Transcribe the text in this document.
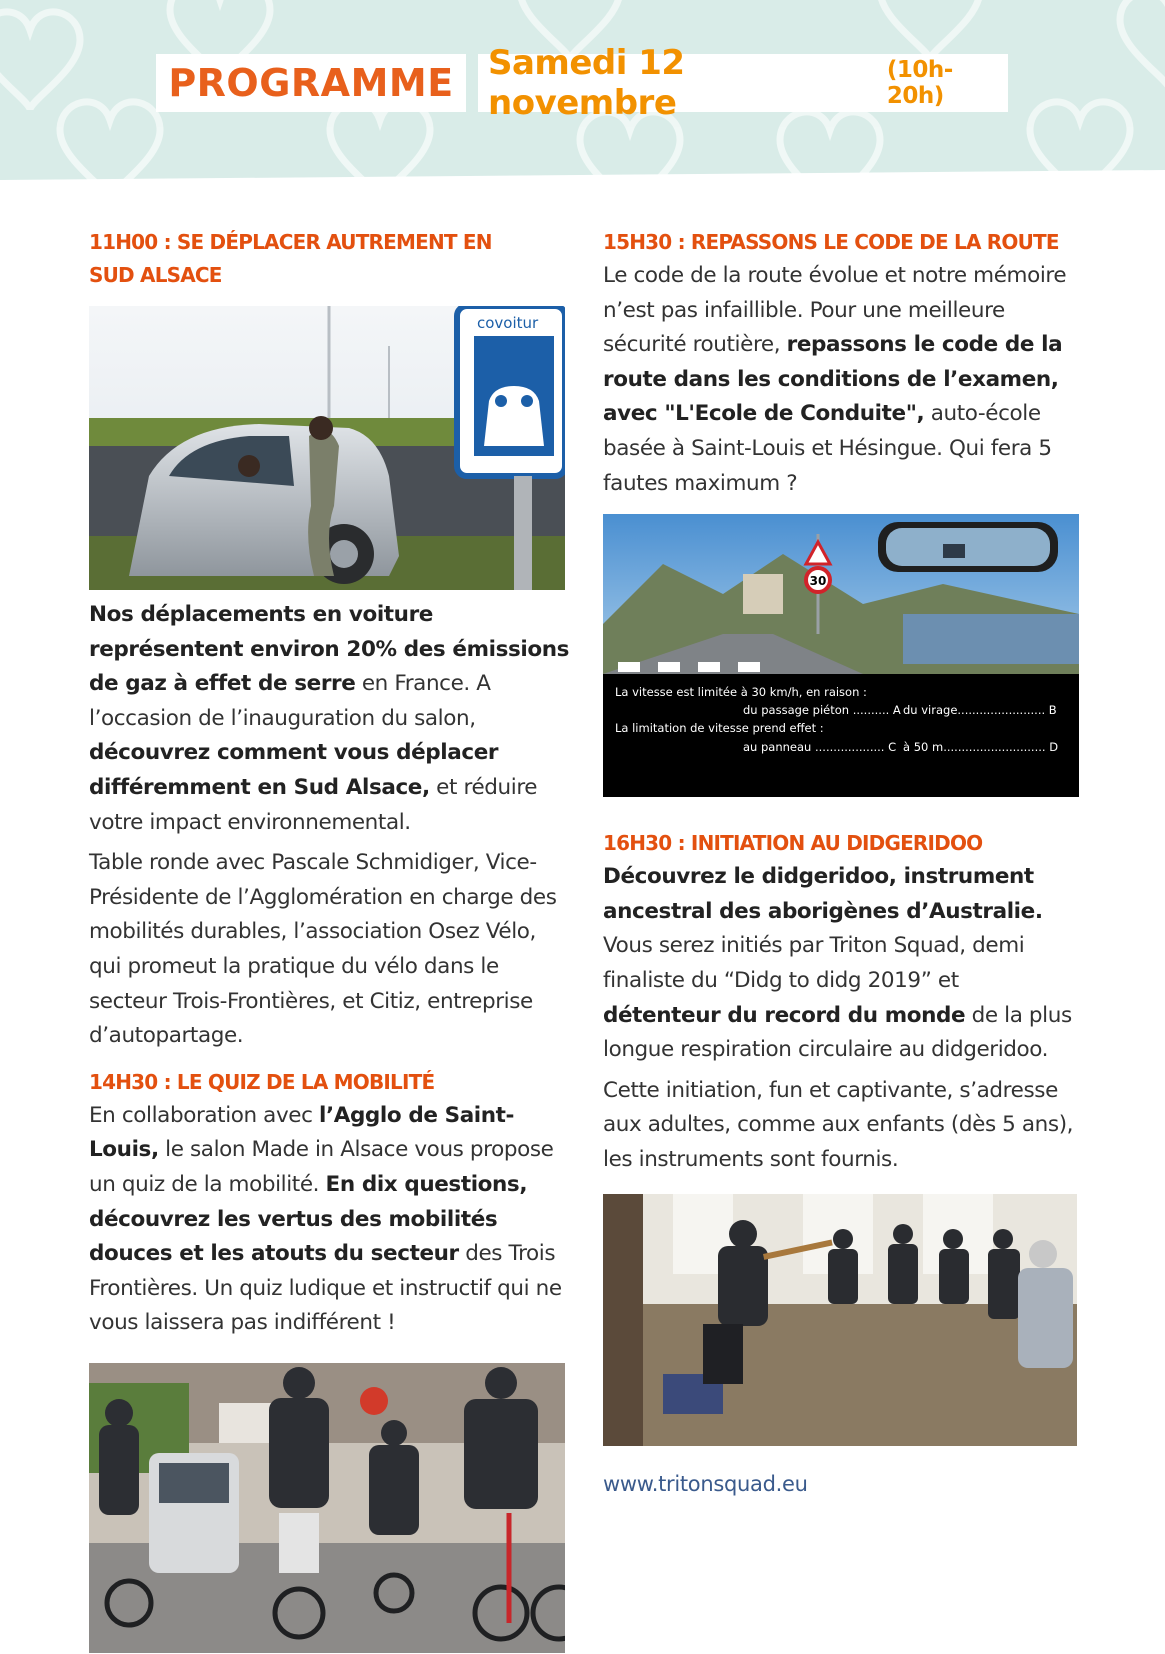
PROGRAMME Samedi 12 novembre
(10h-20h)
11H00 : SE DÉPLACER AUTREMENT EN
SUD ALSACE
covoitur

Nos déplacements en voiture représentent environ 20% des émissions de gaz à effet de serre en France. A l’occasion de l’inauguration du salon, découvrez comment vous déplacer différemment en Sud Alsace, et réduire votre impact environnemental.

Table ronde avec Pascale Schmidiger, Vice-Présidente de l’Agglomération en charge des mobilités durables, l’association Osez Vélo, qui promeut la pratique du vélo dans le secteur Trois-Frontières, et Citiz, entreprise d’autopartage.

14H30 : LE QUIZ DE LA MOBILITÉ

En collaboration avec l’Agglo de Saint-Louis, le salon Made in Alsace vous propose un quiz de la mobilité. En dix questions, découvrez les vertus des mobilités douces et les atouts du secteur des Trois Frontières. Un quiz ludique et instructif qui ne vous laissera pas indifférent !

15H30 : REPASSONS LE CODE DE LA ROUTE

Le code de la route évolue et notre mémoire n’est pas infaillible. Pour une meilleure sécurité routière, repassons le code de la route dans les conditions de l’examen, avec "L'Ecole de Conduite", auto-école basée à Saint-Louis et Hésingue. Qui fera 5 fautes maximum ?

30
La vitesse est limitée à 30 km/h, en raison :
du passage piéton .......... A du virage........................ B
La limitation de vitesse prend effet :
au panneau ................... C à 50 m............................ D
16H30 : INITIATION AU DIDGERIDOO

Découvrez le didgeridoo, instrument ancestral des aborigènes d’Australie. Vous serez initiés par Triton Squad, demi finaliste du “Didg to didg 2019” et détenteur du record du monde de la plus longue respiration circulaire au didgeridoo.

Cette initiation, fun et captivante, s’adresse aux adultes, comme aux enfants (dès 5 ans), les instruments sont fournis.

www.tritonsquad.eu
